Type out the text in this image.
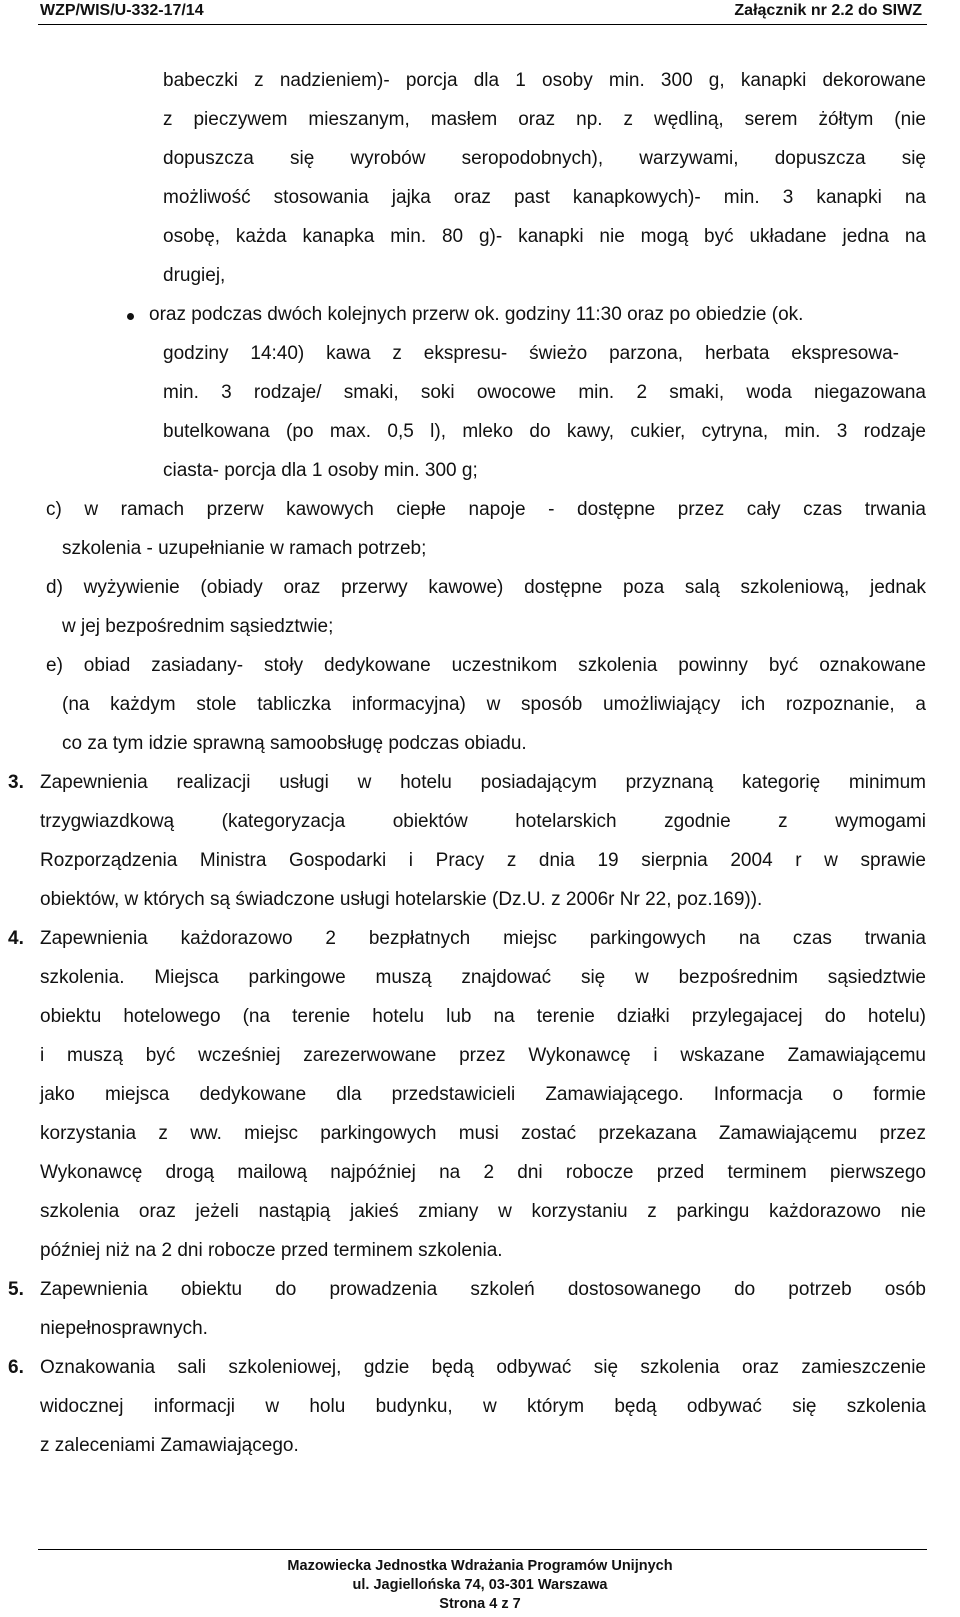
WZP/WIS/U-332-17/14	Załącznik nr 2.2 do SIWZ
babeczki z nadzieniem)- porcja dla 1 osoby min. 300 g, kanapki dekorowane
z pieczywem mieszanym, masłem oraz np. z wędliną, serem żółtym (nie
dopuszcza się wyrobów seropodobnych), warzywami, dopuszcza się
możliwość stosowania jajka oraz past kanapkowych)- min. 3 kanapki na
osobę, każda kanapka min. 80 g)- kanapki nie mogą być układane jedna na
drugiej,
oraz podczas dwóch kolejnych przerw ok. godziny 11:30 oraz po obiedzie (ok.
godziny 14:40) kawa z ekspresu- świeżo parzona, herbata ekspresowa-
min. 3 rodzaje/ smaki, soki owocowe min. 2 smaki, woda niegazowana
butelkowana (po max. 0,5 l), mleko do kawy, cukier, cytryna, min. 3 rodzaje
ciasta- porcja dla 1 osoby min. 300 g;
c) w ramach przerw kawowych ciepłe napoje - dostępne przez cały czas trwania
szkolenia - uzupełnianie w ramach potrzeb;
d) wyżywienie (obiady oraz przerwy kawowe) dostępne poza salą szkoleniową, jednak
w jej bezpośrednim sąsiedztwie;
e) obiad zasiadany- stoły dedykowane uczestnikom szkolenia powinny być oznakowane
(na każdym stole tabliczka informacyjna) w sposób umożliwiający ich rozpoznanie, a
co za tym idzie sprawną samoobsługę podczas obiadu.
3. Zapewnienia realizacji usługi w hotelu posiadającym przyznaną kategorię minimum
trzygwiazdkową (kategoryzacja obiektów hotelarskich zgodnie z wymogami
Rozporządzenia Ministra Gospodarki i Pracy z dnia 19 sierpnia 2004 r w sprawie
obiektów, w których są świadczone usługi hotelarskie (Dz.U. z 2006r Nr 22, poz.169)).
4. Zapewnienia każdorazowo 2 bezpłatnych miejsc parkingowych na czas trwania
szkolenia. Miejsca parkingowe muszą znajdować się w bezpośrednim sąsiedztwie
obiektu hotelowego (na terenie hotelu lub na terenie działki przylegajacej do hotelu)
i muszą być wcześniej zarezerwowane przez Wykonawcę i wskazane Zamawiającemu
jako miejsca dedykowane dla przedstawicieli Zamawiającego. Informacja o formie
korzystania z ww. miejsc parkingowych musi zostać przekazana Zamawiającemu przez
Wykonawcę drogą mailową najpóźniej na 2 dni robocze przed terminem pierwszego
szkolenia oraz jeżeli nastąpią jakieś zmiany w korzystaniu z parkingu każdorazowo nie
później niż na 2 dni robocze przed terminem szkolenia.
5. Zapewnienia obiektu do prowadzenia szkoleń dostosowanego do potrzeb osób
niepełnosprawnych.
6. Oznakowania sali szkoleniowej, gdzie będą odbywać się szkolenia oraz zamieszczenie
widocznej informacji w holu budynku, w którym będą odbywać się szkolenia
z zaleceniami Zamawiającego.
Mazowiecka Jednostka Wdrażania Programów Unijnych
ul. Jagiellońska 74, 03-301 Warszawa
Strona 4 z 7
